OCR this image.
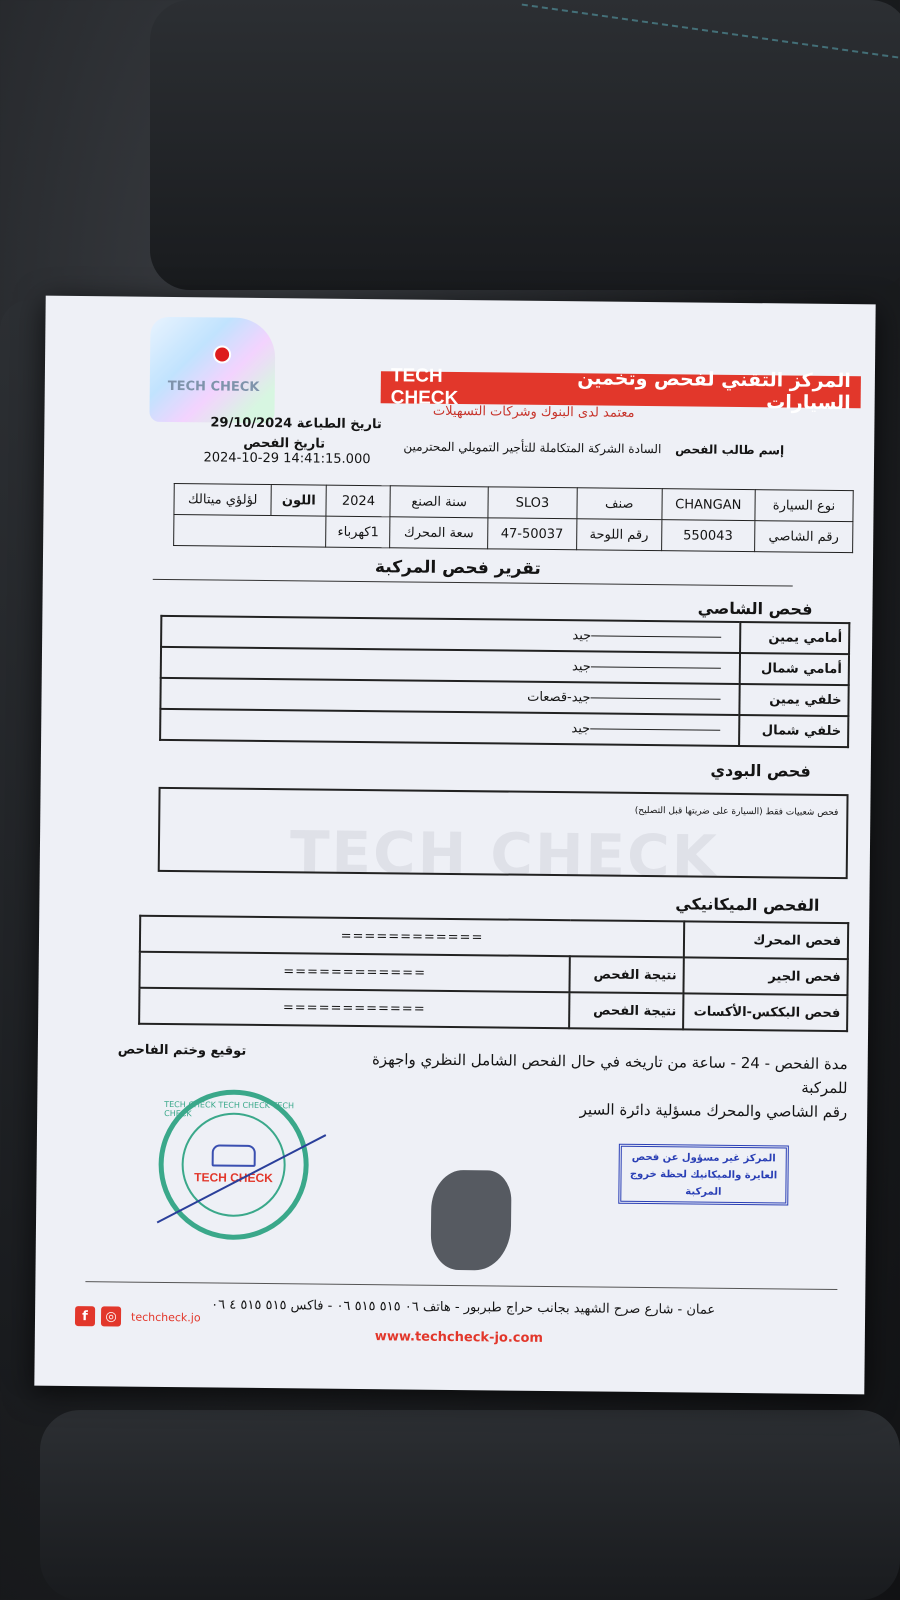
TECH CHECK
TECH CHECK	المركز التقني لفحص وتخمين السيارات
TECH CHECK
معتمد لدى البنوك وشركات التسهيلات
تاريخ الطباعة 29/10/2024
تاريخ الفحص 2024-10-29 14:41:15.000
إسم طالب الفحص السادة الشركة المتكاملة للتأجير التمويلي المحترمين
نوع السيارة	CHANGAN	صنف	SLO3	سنة الصنع	2024	اللون	لؤلؤي ميتالك
رقم الشاصي	550043	رقم اللوحة	47-50037	سعة المحرك	1كهرباء		
تقرير فحص المركبة
فحص الشاصي
أمامي يمين	جيد
أمامي شمال	جيد
خلفي يمين	جيد-قصعات
خلفي شمال	جيد
فحص البودي
فحص شعبيات فقط (السيارة على ضربتها قبل التصليح)
الفحص الميكانيكي
فحص المحرك	============	
فحص الجير	نتيجة الفحص	============
فحص البككس-الأكسات	نتيجة الفحص	============
مدة الفحص - 24 - ساعة من تاريخه في حال الفحص الشامل النظري واجهزة للمركبة
رقم الشاصي والمحرك مسؤلية دائرة السير
توقيع وختم الفاحص
TECH CHECK TECH CHECK TECH CHECK
TECH CHECK
المركز غير مسؤول عن فحص العايرة والميكانيك لحظة خروج المركبة
عمان - شارع صرح الشهيد بجانب حراج طبربور - هاتف ٠٦ ٥١٥ ٥١٥ ٠٦ - فاكس ٥١٥ ٥١٥ ٤ ٠٦
www.techcheck-jo.com
f	◎	techcheck.jo
